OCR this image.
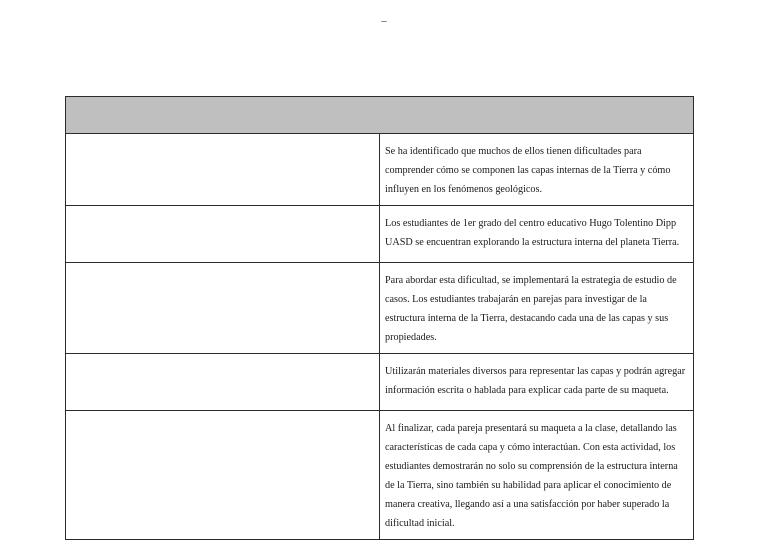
–

	Se ha identificado que muchos de ellos tienen dificultades para comprender cómo se componen las capas internas de la Tierra y cómo influyen en los fenómenos geológicos.
	Los estudiantes de 1er grado del centro educativo Hugo Tolentino Dipp UASD se encuentran explorando la estructura interna del planeta Tierra.
	Para abordar esta dificultad, se implementará la estrategia de estudio de casos. Los estudiantes trabajarán en parejas para investigar de la estructura interna de la Tierra, destacando cada una de las capas y sus propiedades.
	Utilizarán materiales diversos para representar las capas y podrán agregar información escrita o hablada para explicar cada parte de su maqueta.
	Al finalizar, cada pareja presentará su maqueta a la clase, detallando las características de cada capa y cómo interactúan. Con esta actividad, los estudiantes demostrarán no solo su comprensión de la estructura interna de la Tierra, sino también su habilidad para aplicar el conocimiento de manera creativa, llegando así a una satisfacción por haber superado la dificultad inicial.
